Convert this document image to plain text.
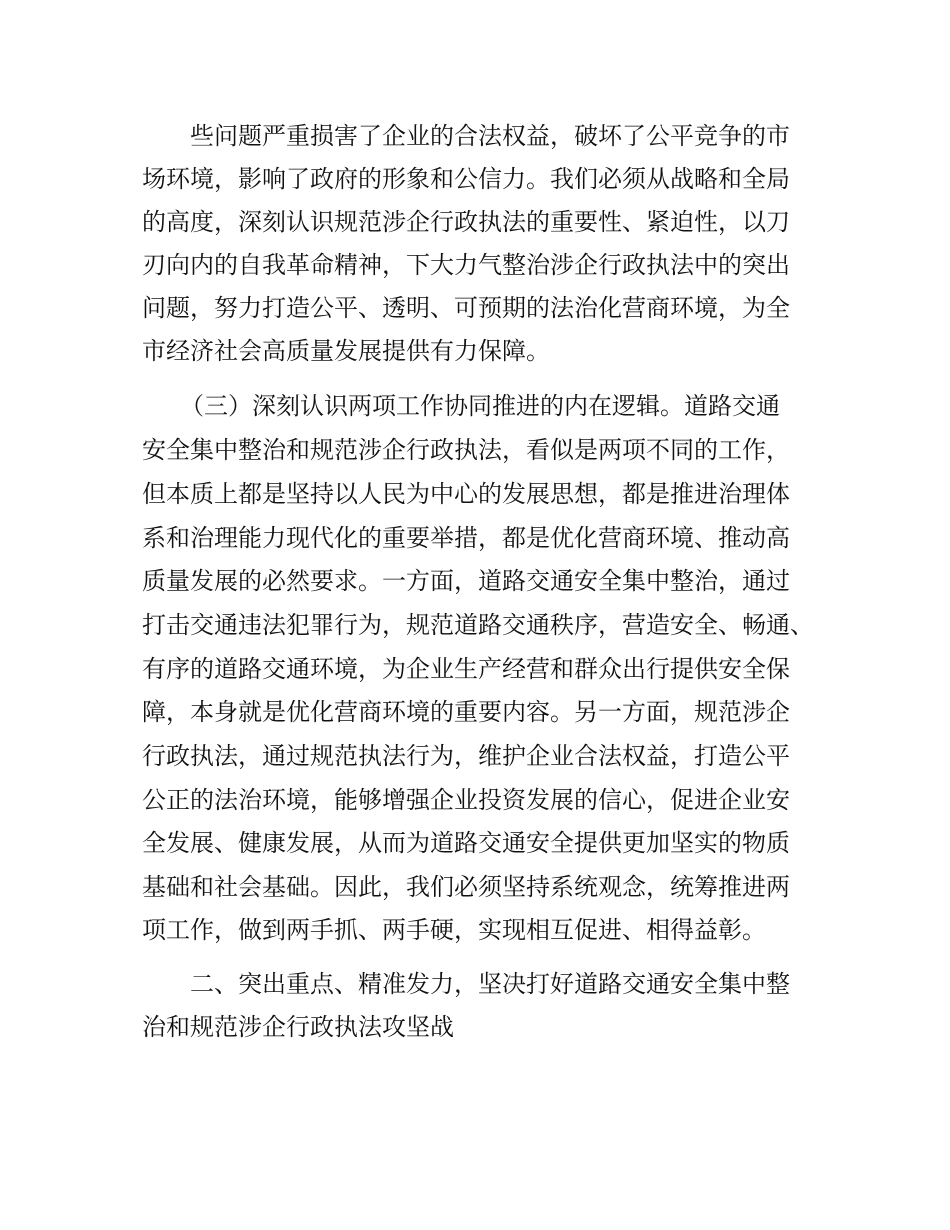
些问题严重损害了企业的合法权益，破坏了公平竞争的市
场环境，影响了政府的形象和公信力。我们必须从战略和全局
的高度，深刻认识规范涉企行政执法的重要性、紧迫性，以刀
刃向内的自我革命精神，下大力气整治涉企行政执法中的突出
问题，努力打造公平、透明、可预期的法治化营商环境，为全
市经济社会高质量发展提供有力保障。
（三）深刻认识两项工作协同推进的内在逻辑。道路交通
安全集中整治和规范涉企行政执法，看似是两项不同的工作，
但本质上都是坚持以人民为中心的发展思想，都是推进治理体
系和治理能力现代化的重要举措，都是优化营商环境、推动高
质量发展的必然要求。一方面，道路交通安全集中整治，通过
打击交通违法犯罪行为，规范道路交通秩序，营造安全、畅通、
有序的道路交通环境，为企业生产经营和群众出行提供安全保
障，本身就是优化营商环境的重要内容。另一方面，规范涉企
行政执法，通过规范执法行为，维护企业合法权益，打造公平
公正的法治环境，能够增强企业投资发展的信心，促进企业安
全发展、健康发展，从而为道路交通安全提供更加坚实的物质
基础和社会基础。因此，我们必须坚持系统观念，统筹推进两
项工作，做到两手抓、两手硬，实现相互促进、相得益彰。
二、突出重点、精准发力，坚决打好道路交通安全集中整
治和规范涉企行政执法攻坚战
